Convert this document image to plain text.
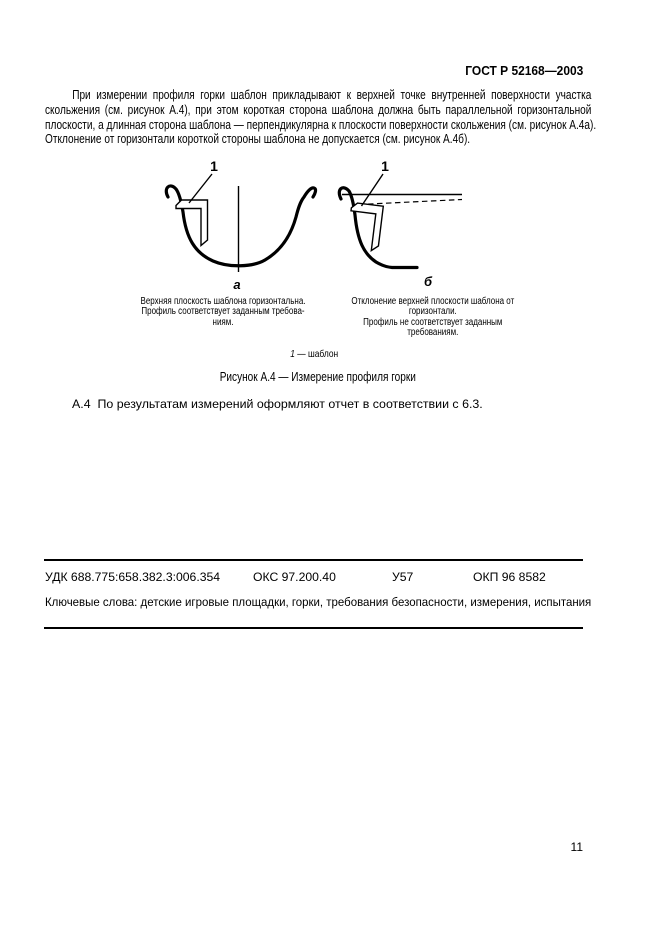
ГОСТ Р 52168—2003
При измерении профиля горки шаблон прикладывают к верхней точке внутренней поверхности участка
скольжения (см. рисунок А.4), при этом короткая сторона шаблона должна быть параллельной горизонтальной
плоскости, а длинная сторона шаблона — перпендикулярна к плоскости поверхности скольжения (см. рисунок А.4а).
Отклонение от горизонтали короткой стороны шаблона не допускается (см. рисунок А.4б).
1
а
1
б
Верхняя плоскость шаблона горизонтальна.
Профиль соответствует заданным требова-
ниям.
Отклонение верхней плоскости шаблона от
горизонтали.
Профиль не соответствует заданным
требованиям.
1 — шаблон
Рисунок А.4 — Измерение профиля горки
А.4  По результатам измерений оформляют отчет в соответствии с 6.3.
УДК 688.775:658.382.3:006.354	ОКС 97.200.40	У57	ОКП 96 8582
Ключевые слова: детские игровые площадки, горки, требования безопасности, измерения, испытания
11
